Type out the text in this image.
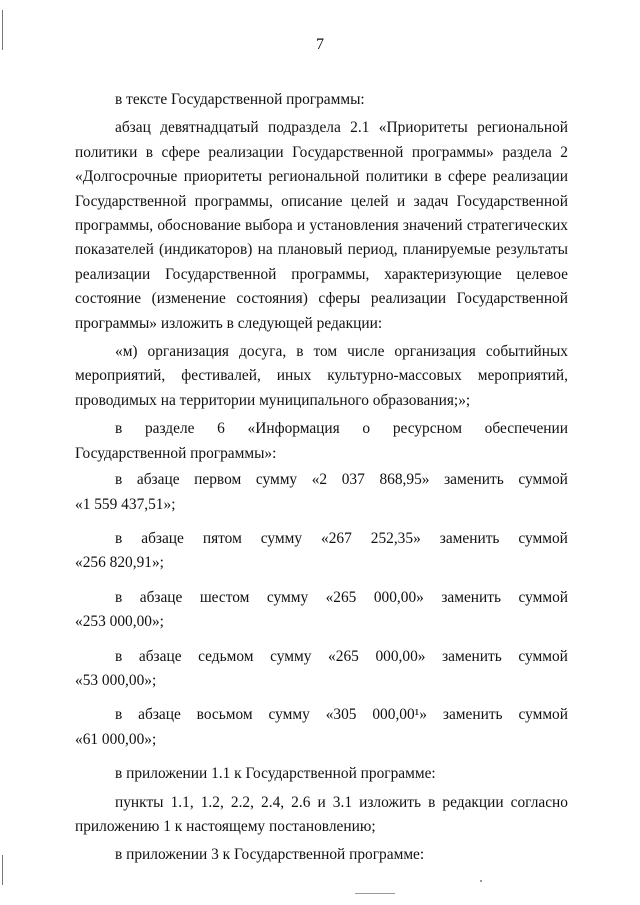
7

в тексте Государственной программы:

абзац девятнадцатый подраздела 2.1 «Приоритеты региональной политики в сфере реализации Государственной программы» раздела 2 «Долгосрочные приоритеты региональной политики в сфере реализации Государственной программы, описание целей и задач Государственной программы, обоснование выбора и установления значений стратегических показателей (индикаторов) на плановый период, планируемые результаты реализации Государственной программы, характеризующие целевое состояние (изменение состояния) сферы реализации Государственной программы» изложить в следующей редакции:

«м) организация досуга, в том числе организация событийных мероприятий, фестивалей, иных культурно-массовых мероприятий, проводимых на территории муниципального образования;»;

в разделе 6 «Информация о ресурсном обеспечении Государственной программы»:

в абзаце первом сумму «2 037 868,95» заменить суммой
«1 559 437,51»;
в абзаце пятом сумму «267 252,35» заменить суммой
«256 820,91»;
в абзаце шестом сумму «265 000,00» заменить суммой
«253 000,00»;
в абзаце седьмом сумму «265 000,00» заменить суммой
«53 000,00»;
в абзаце восьмом сумму «305 000,00¹» заменить суммой
«61 000,00»;

в приложении 1.1 к Государственной программе:

пункты 1.1, 1.2, 2.2, 2.4, 2.6 и 3.1 изложить в редакции согласно приложению 1 к настоящему постановлению;

в приложении 3 к Государственной программе:
